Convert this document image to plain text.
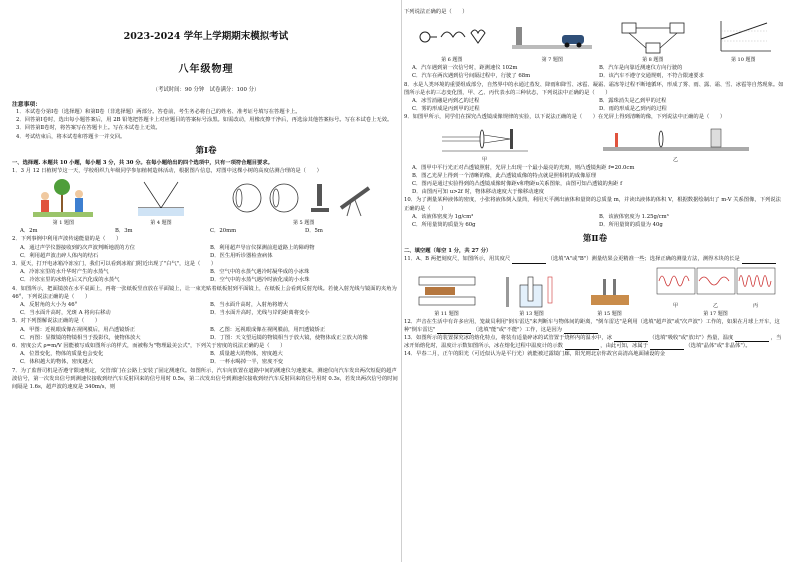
2023-2024 学年上学期期末模拟考试
八年级物理
（考试时间：90 分钟　试卷满分：100 分）
注意事项：
1．本试卷分第Ⅰ卷（选择题）和第Ⅱ卷（非选择题）两部分。答卷前，考生务必将自己的姓名、准考证号填写在答题卡上。
2．回答第Ⅰ卷时，选出每小题答案后，用 2B 铅笔把答题卡上对应题目的答案标号涂黑。如需改动，用橡皮擦干净后，再选涂其他答案标号。写在本试卷上无效。
3．回答第Ⅱ卷时，将答案写在答题卡上。写在本试卷上无效。
4．考试结束后，将本试卷和答题卡一并交回。
第Ⅰ卷
一、选择题. 本题共 10 小题，每小题 3 分，共 30 分。在每小题给出的四个选项中，只有一项符合题目要求。
1．3 月 12 日植树节这一天，学校组织九年级同学参加植树造林活动，根据图片信息，对图中这棵小树的高度估测合理的是（　　）
第 1 题图	第 4 题图	第 5 题图
A．2m	B．3m	C．20mm	D．5m
2．下列事例中利用声波传递能量的是（　　）
A．通过声学仪器接收到的次声波判断地震的方位	B．利用超声导盲仪探测前进道路上的障碍物
C．利用超声波击碎人体内的结石	D．医生用听诊器检查病体
3．夏天，打开电冰箱冷冻室门，我们可以看到冰箱门附近出现了"白气"，这是（　　）
A．冷冻室里的水升华时产生的水蒸气	B．空气中的水蒸气遇冷时凝华成的小冰珠
C．冷冻室里的冰熔化后又汽化成的水蒸气	D．空气中的水蒸气遇冷时液化成的小水珠
4．如图所示，把面镜放在水平桌面上，再将一张纸板竖直放在平面镜上，让一束光贴着纸板射到平面镜上，在纸板上会看到反射光线。若使入射光线与镜面的夹角为 46°，下列说法正确的是（　　）
A．反射角的大小为 46°	B．当水面升高时，入射角将增大
C．当水面升高时，光斑 A 将向右移动	D．当水面升高时，光线与岸的距离将变小
5．对下列图解说法正确的是（　　）
A．甲图：近视眼成像在视网膜后，用凸透镜矫正	B．乙图：远视眼成像在视网膜前，用凹透镜矫正
C．丙图：显微镜的物镜相当于投影仪，使物体放大	D．丁图：天文望远镜的物镜相当于放大镜，使物体成正立放大的像
6．密度公式 ρ=m/V 因能被写成如图所示的样式，而被称为"物理最美公式"，下列关于密度的说法正确的是（　　）
A．位置变化，物体的质量也会变化	B．质量越大的物体，密度越大
C．体积越大的物体，密度越大	D．一杯水喝掉一半，密度不变
7．为了监督司机是否遵守限速规定，交管部门在公路上安装了固定测速仪。如图所示，汽车向放置在道路中间的测速仪匀速驶来，测速仪向汽车发出两次短促的超声波信号，第一次发出信号到测速仪接收到经汽车反射回来的信号用时 0.5s，第二次发出信号到测速仪接收到经汽车反射回来的信号用时 0.3s，若发出两次信号的时间间隔是 1.6s，超声波的速度是 340m/s，则
下列说法正确的是（　　）
第 6 题图	第 7 题图	第 8 题图	第 10 题图
A．汽车遇到第一次信号时，距测速仪 102m	B．汽车是向靠近测速仪方向行驶的
C．汽车在两次遇到信号间隔过程中，行驶了 68m	D．该汽车不遵守交通规则，不符合限速要求
8．水是人类环境的重要组成部分，自然界中的水通过蒸发、降雨和降雪、冰雹、凝霜、霜冻等过程不断地循环，形成了雾、雨、露、霜、雪、冰雹等自然现象。如图所示是水的三态变化图，甲、乙、丙代表水的三种状态，下列说法中正确的是（　　）
A．冰雪消融是丙到乙的过程	B．露珠消失是乙到甲的过程
C．雾的形成是丙到甲的过程	D．雨的形成是乙到丙的过程
9．如图甲所示，同学们在探究凸透镜成像规律的实验，以下说法正确的是（　　）在光屏上得到清晰的像，下列说法中正确的是（　　）
甲	乙
A．图甲中平行光正对凸透镜照射，光屏上出现一个最小最亮的光斑，则凸透镜焦距 f=20.0cm
B．图乙光屏上得到一个清晰的像，此凸透镜成像的特点就是照相机的成像原理
C．图丙是通过实验得到的凸透镜成像时像距v和物距u关系图象，由图可知凸透镜的焦距 f
D．由图丙可知 u>2f 时，物体移动速度大于像移动速度
10．为了测量某种液体的密度，小张将液体倒入量筒，利用天平测出液体和量筒的总质量 m，并读出液体的体积 V，根据数据绘制出了 m-V 关系图像，下列说法正确的是（　　）
A．该液体密度为 1g/cm³	B．该液体密度为 1.25g/cm³
C．所用量筒的质量为 60g	D．所用量筒的质量为 40g
第Ⅱ卷
二、填空题（每空 1 分，共 27 分）
11．A、B 两把刻度尺，如图所示，用其度尺	（选填"A"或"B"）测量结果会更精准一些；选择正确的测量方法，测得木块的长是
第 11 题图	第 13 题图	第 15 题图
甲	乙	丙
第 17 题图
12．声音在生活中有许多应用，笼裁员利用"倒车雷达"来判断车与物体间的距离，"倒车雷达"是利用（选填"超声波"或"次声波"）工作的，如果在月球上开车，这种"倒车雷达"	（选填"能"或"不能"）工作，这是因为
13．如图所示的装置探究冰的熔化特点，将装有适量碎冰的试管置于烧杯内的温水中，冰	（选填"吸收"或"放出"）热量，温度	，当冰开始熔化时，温度计示数如图所示，冰在熔化过程中温度计的示数	，由此可知，冰属于	（选填"晶体"或"非晶体"）。
14．早春二月，正午的阳光（可近似认为是平行光）就能被过露镜门廊，阳光则北京你故宫高清高地面铺设的金
